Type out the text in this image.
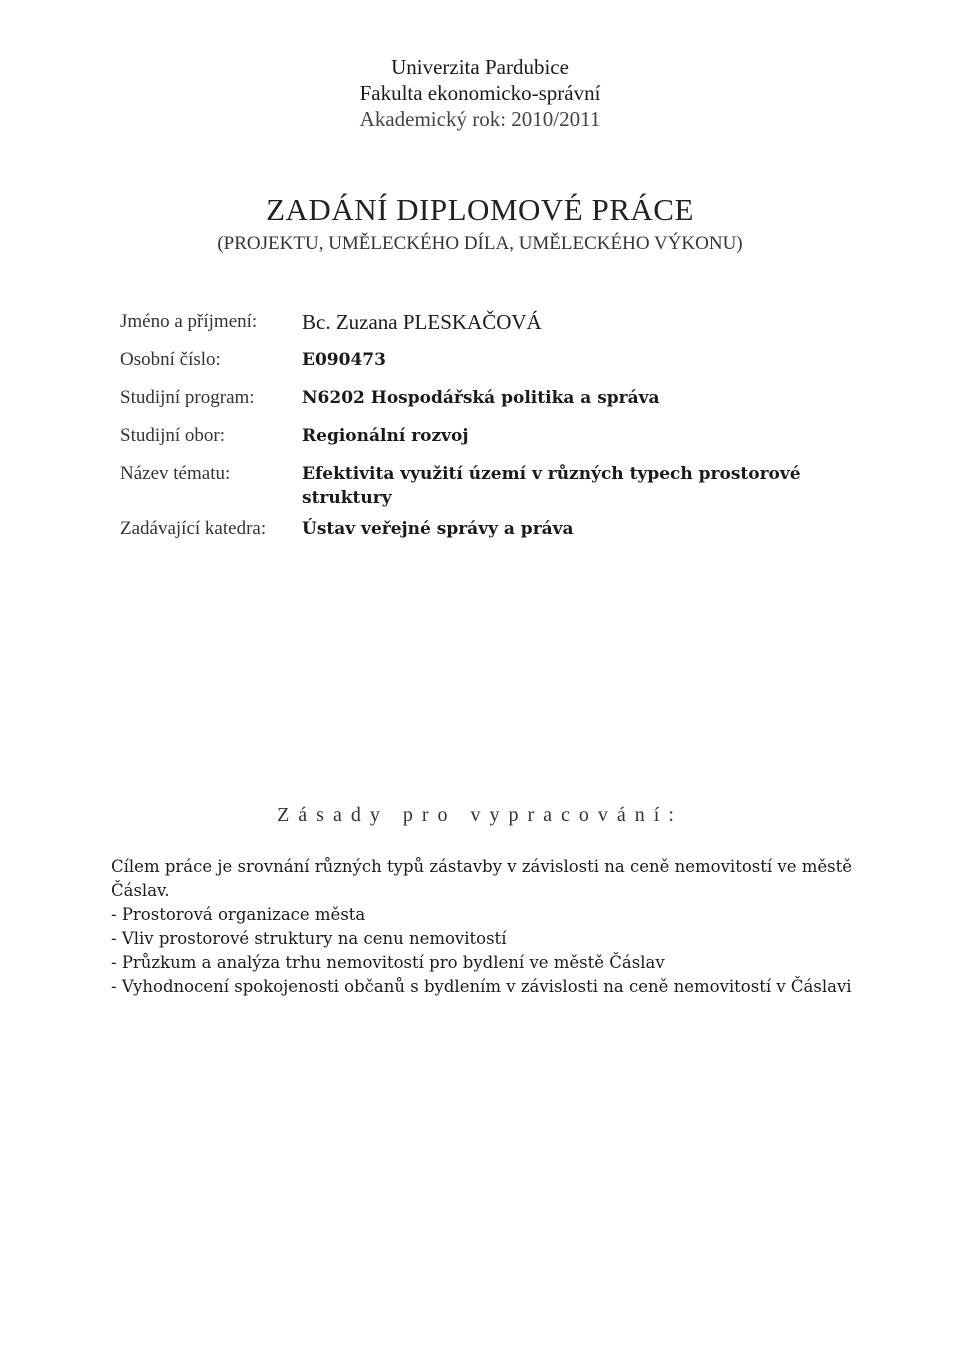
Univerzita Pardubice
Fakulta ekonomicko-správní
Akademický rok: 2010/2011
ZADÁNÍ DIPLOMOVÉ PRÁCE
(PROJEKTU, UMĚLECKÉHO DÍLA, UMĚLECKÉHO VÝKONU)
Jméno a příjmení:	Bc. Zuzana PLESKAČOVÁ
Osobní číslo:	E090473
Studijní program:	N6202 Hospodářská politika a správa
Studijní obor:	Regionální rozvoj
Název tématu:	Efektivita využití území v různých typech prostorové
struktury
Zadávající katedra:	Ústav veřejné správy a práva
Zásady pro vypracování:

Cílem práce je srovnání různých typů zástavby v závislosti na ceně nemovitostí ve městě

Čáslav.

- Prostorová organizace města

- Vliv prostorové struktury na cenu nemovitostí

- Průzkum a analýza trhu nemovitostí pro bydlení ve městě Čáslav

- Vyhodnocení spokojenosti občanů s bydlením v závislosti na ceně nemovitostí v Čáslavi
